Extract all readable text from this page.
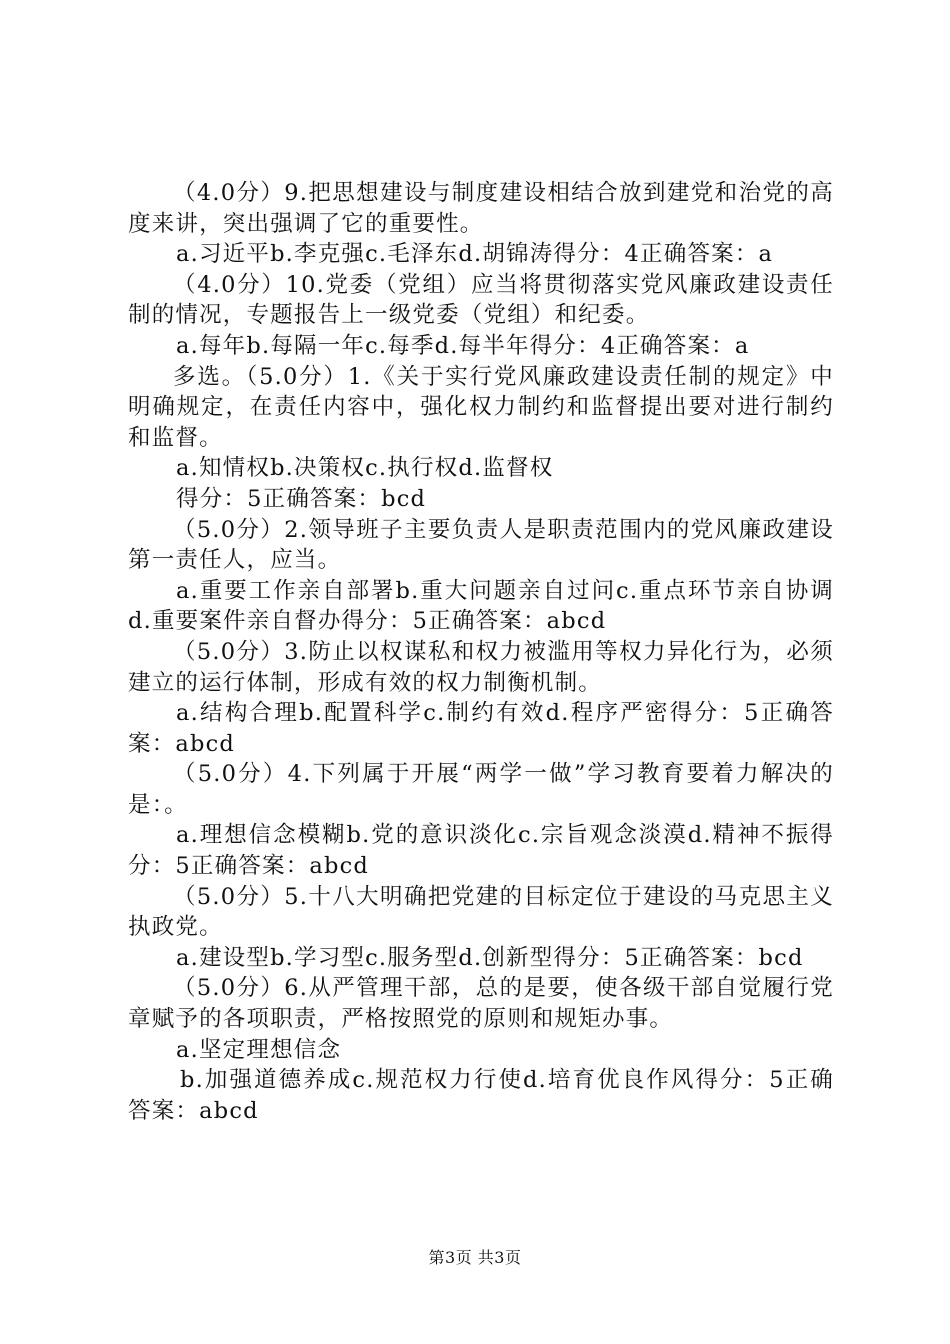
（4.0分）9.把思想建设与制度建设相结合放到建党和治党的高度来讲，突出强调了它的重要性。

a.习近平b.李克强c.毛泽东d.胡锦涛得分：4正确答案：a

（4.0分）10.党委（党组）应当将贯彻落实党风廉政建设责任制的情况，专题报告上一级党委（党组）和纪委。

a.每年b.每隔一年c.每季d.每半年得分：4正确答案：a

多选。（5.0分）1.《关于实行党风廉政建设责任制的规定》中明确规定，在责任内容中，强化权力制约和监督提出要对进行制约和监督。

a.知情权b.决策权c.执行权d.监督权

得分：5正确答案：bcd

（5.0分）2.领导班子主要负责人是职责范围内的党风廉政建设第一责任人，应当。

a.重要工作亲自部署b.重大问题亲自过问c.重点环节亲自协调d.重要案件亲自督办得分：5正确答案：abcd

（5.0分）3.防止以权谋私和权力被滥用等权力异化行为，必须建立的运行体制，形成有效的权力制衡机制。

a.结构合理b.配置科学c.制约有效d.程序严密得分：5正确答案：abcd

（5.0分）4.下列属于开展“两学一做”学习教育要着力解决的是：。

a.理想信念模糊b.党的意识淡化c.宗旨观念淡漠d.精神不振得分：5正确答案：abcd

（5.0分）5.十八大明确把党建的目标定位于建设的马克思主义执政党。

a.建设型b.学习型c.服务型d.创新型得分：5正确答案：bcd

（5.0分）6.从严管理干部，总的是要，使各级干部自觉履行党章赋予的各项职责，严格按照党的原则和规矩办事。

a.坚定理想信念

b.加强道德养成c.规范权力行使d.培育优良作风得分：5正确答案：abcd

第3页 共3页
